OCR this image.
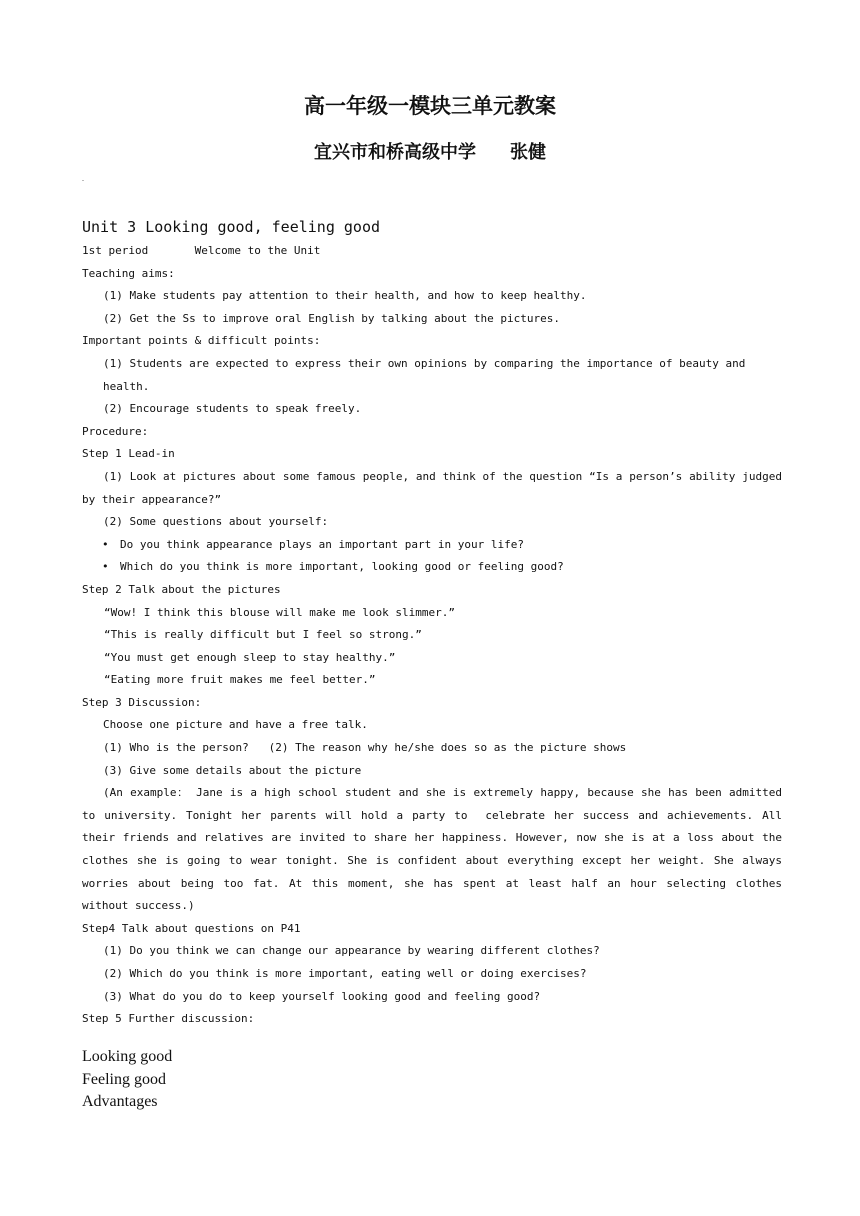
高一年级一模块三单元教案
宜兴市和桥高级中学 张健

Unit 3 Looking good, feeling good

1st period	Welcome to the Unit

Teaching aims:

(1) Make students pay attention to their health, and how to keep healthy.

(2) Get the Ss to improve oral English by talking about the pictures.

Important points & difficult points:

(1) Students are expected to express their own opinions by comparing the importance of beauty and health.

(2) Encourage students to speak freely.

Procedure:

Step 1 Lead-in

(1) Look at pictures about some famous people, and think of the question “Is a person’s ability judged by their appearance?”

(2) Some questions about yourself:

• Do you think appearance plays an important part in your life?

• Which do you think is more important, looking good or feeling good?

Step 2 Talk about the pictures

“Wow! I think this blouse will make me look slimmer.”

“This is really difficult but I feel so strong.”

“You must get enough sleep to stay healthy.”

“Eating more fruit makes me feel better.”

Step 3 Discussion:

Choose one picture and have a free talk.

(1) Who is the person? (2) The reason why he/she does so as the picture shows

(3) Give some details about the picture

(An example： Jane is a high school student and she is extremely happy, because she has been admitted to university. Tonight her parents will hold a party to  celebrate her success and achievements. All their friends and relatives are invited to share her happiness. However, now she is at a loss about the clothes she is going to wear tonight. She is confident about everything except her weight. She always worries about being too fat. At this moment, she has spent at least half an hour selecting clothes without success.)

Step4 Talk about questions on P41

(1) Do you think we can change our appearance by wearing different clothes?

(2) Which do you think is more important, eating well or doing exercises?

(3) What do you do to keep yourself looking good and feeling good?

Step 5 Further discussion:

Looking good

Feeling good

Advantages
